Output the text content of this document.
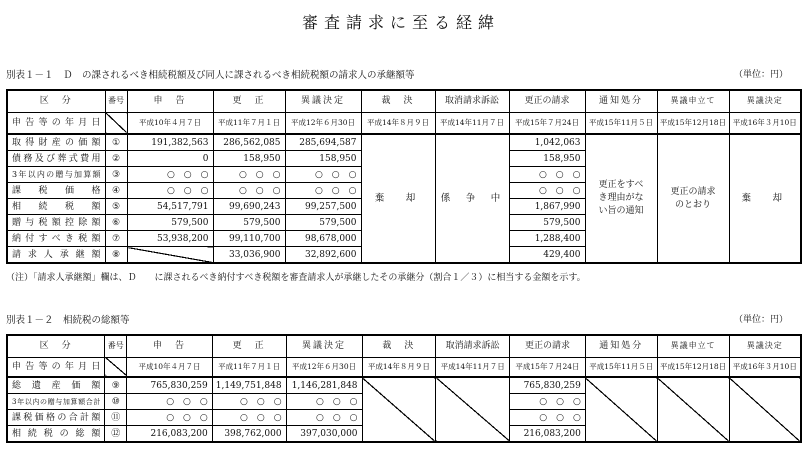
審査請求に至る経緯
別表１－１　Ｄ　の課されるべき相続税額及び同人に課されるべき相続税額の請求人の承継額等	（単位：円）
区　分	番号	申　告	更　正	異議決定	裁　決	取消請求訴訟	更正の請求	通知処分	異議申立て	異議決定
申告等の年月日		平成10年４月７日	平成11年７月１日	平成12年６月30日	平成14年８月９日	平成14年11月７日	平成15年７月24日	平成15年11月５日	平成15年12月18日	平成16年３月10日
取得財産の価額	①	191,382,563	286,562,085	285,694,587	棄　却	係　争　中	1,042,063	更正をすべき理由がない旨の通知	更正の請求のとおり	棄　却
債務及び葬式費用	②	0	158,950	158,950			158,950			
3年以内の贈与加算額	③	○　○　○	○　○　○	○　○　○			○　○　○			
課税価格	④	○　○　○	○　○　○	○　○　○			○　○　○			
相続税額	⑤	54,517,791	99,690,243	99,257,500			1,867,990			
贈与税額控除額	⑥	579,500	579,500	579,500			579,500			
納付すべき税額	⑦	53,938,200	99,110,700	98,678,000			1,288,400			
請求人承継額	⑧		33,036,900	32,892,600			429,400			
（注）「請求人承継額」欄は、Ｄ　　に課されるべき納付すべき税額を審査請求人が承継したその承継分（割合１／３）に相当する金額を示す。
別表１－２　相続税の総額等	（単位：円）
区　分	番号	申　告	更　正	異議決定	裁　決	取消請求訴訟	更正の請求	通知処分	異議申立て	異議決定
申告等の年月日		平成10年４月７日	平成11年７月１日	平成12年６月30日	平成14年８月９日	平成14年11月７日	平成15年７月24日	平成15年11月５日	平成15年12月18日	平成16年３月10日
総遺産価額	⑨	765,830,259	1,149,751,848	1,146,281,848			765,830,259			
3年以内の贈与加算額合計	⑩	○　○　○	○　○　○	○　○　○			○　○　○			
課税価格の合計額	⑪	○　○　○	○　○　○	○　○　○			○　○　○			
相続税の総額	⑫	216,083,200	398,762,000	397,030,000			216,083,200			
